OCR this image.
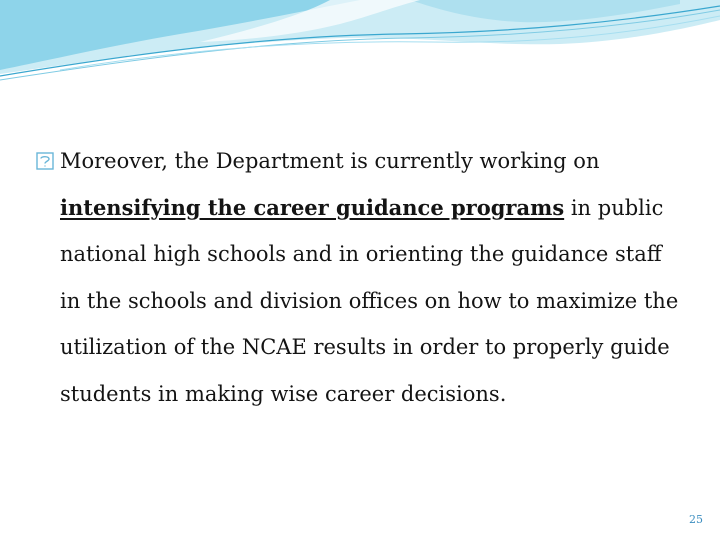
Moreover, the Department is currently working on intensifying the career guidance programs in public national high schools and in orienting the guidance staff in the schools and division offices on how to maximize the utilization of the NCAE results in order to properly guide students in making wise career decisions.

25
